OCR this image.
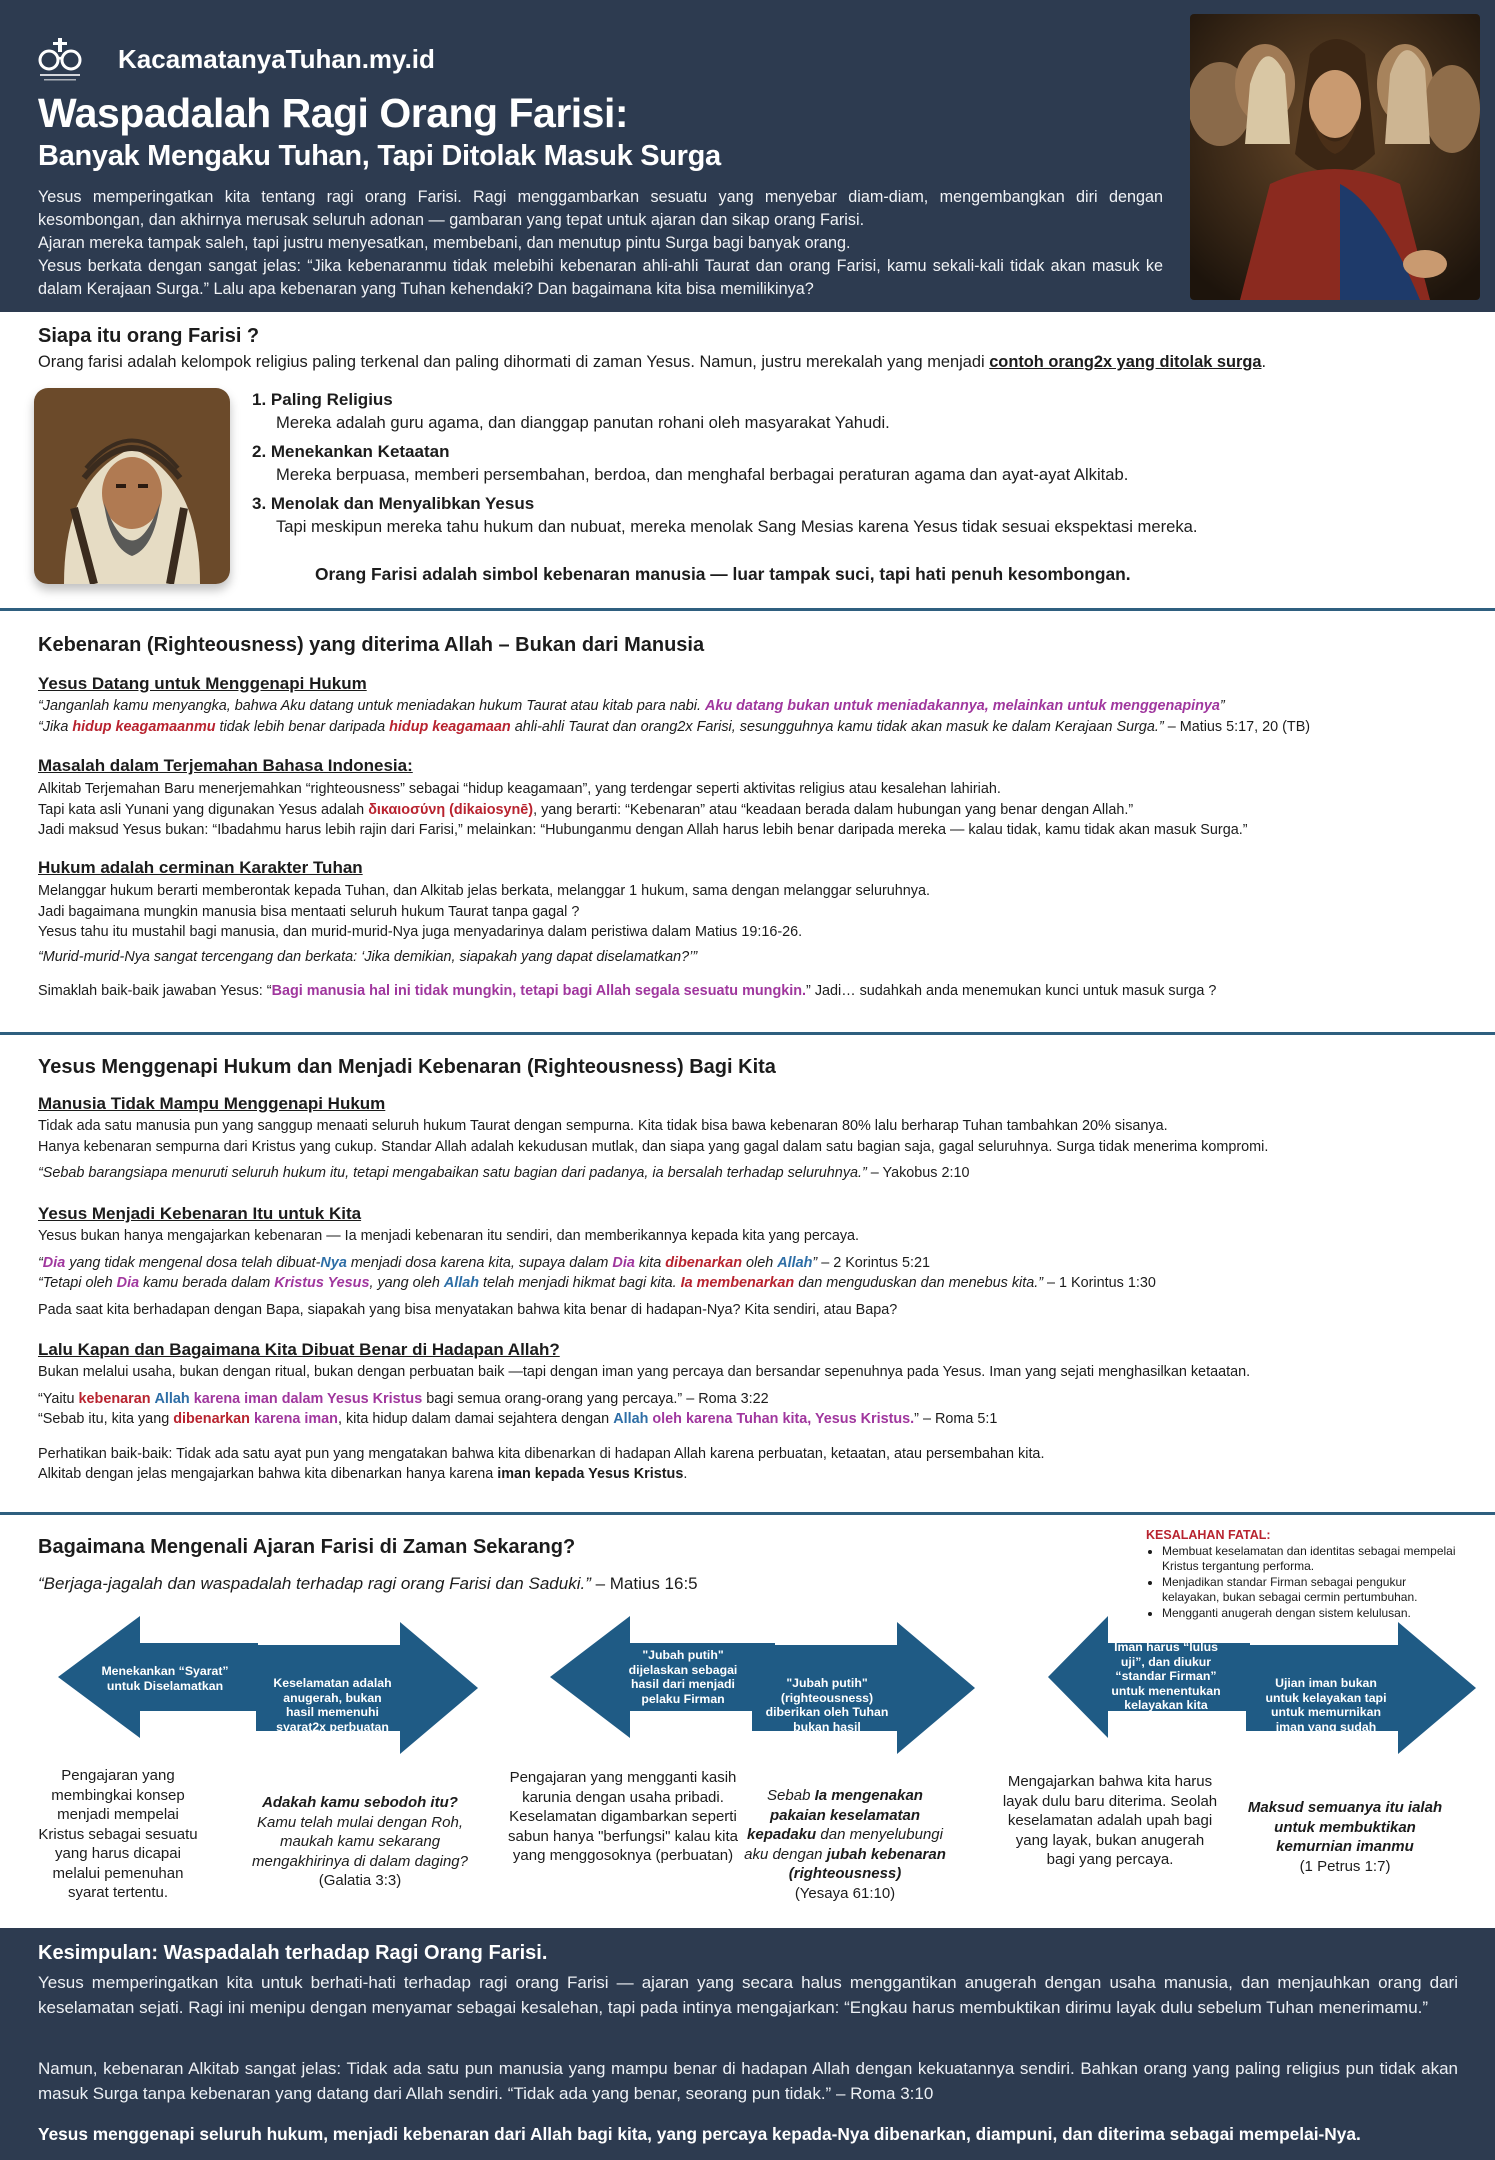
KacamatanyaTuhan.my.id
Waspadalah Ragi Orang Farisi:
Banyak Mengaku Tuhan, Tapi Ditolak Masuk Surga

Yesus memperingatkan kita tentang ragi orang Farisi. Ragi menggambarkan sesuatu yang menyebar diam-diam, mengembangkan diri dengan kesombongan, dan akhirnya merusak seluruh adonan — gambaran yang tepat untuk ajaran dan sikap orang Farisi.

Ajaran mereka tampak saleh, tapi justru menyesatkan, membebani, dan menutup pintu Surga bagi banyak orang.

Yesus berkata dengan sangat jelas: “Jika kebenaranmu tidak melebihi kebenaran ahli-ahli Taurat dan orang Farisi, kamu sekali-kali tidak akan masuk ke dalam Kerajaan Surga.” Lalu apa kebenaran yang Tuhan kehendaki? Dan bagaimana kita bisa memilikinya?

Siapa itu orang Farisi ?
Orang farisi adalah kelompok religius paling terkenal dan paling dihormati di zaman Yesus. Namun, justru merekalah yang menjadi contoh orang2x yang ditolak surga.
1. Paling Religius
Mereka adalah guru agama, dan dianggap panutan rohani oleh masyarakat Yahudi.
2. Menekankan Ketaatan
Mereka berpuasa, memberi persembahan, berdoa, dan menghafal berbagai peraturan agama dan ayat-ayat Alkitab.
3. Menolak dan Menyalibkan Yesus
Tapi meskipun mereka tahu hukum dan nubuat, mereka menolak Sang Mesias karena Yesus tidak sesuai ekspektasi mereka.
Orang Farisi adalah simbol kebenaran manusia — luar tampak suci, tapi hati penuh kesombongan.
Kebenaran (Righteousness) yang diterima Allah – Bukan dari Manusia
Yesus Datang untuk Menggenapi Hukum

“Janganlah kamu menyangka, bahwa Aku datang untuk meniadakan hukum Taurat atau kitab para nabi. Aku datang bukan untuk meniadakannya, melainkan untuk menggenapinya”

“Jika hidup keagamaanmu tidak lebih benar daripada hidup keagamaan ahli-ahli Taurat dan orang2x Farisi, sesungguhnya kamu tidak akan masuk ke dalam Kerajaan Surga.” – Matius 5:17, 20 (TB)

Masalah dalam Terjemahan Bahasa Indonesia:

Alkitab Terjemahan Baru menerjemahkan “righteousness” sebagai “hidup keagamaan”, yang terdengar seperti aktivitas religius atau kesalehan lahiriah.

Tapi kata asli Yunani yang digunakan Yesus adalah δικαιοσύνη (dikaiosynē), yang berarti: “Kebenaran” atau “keadaan berada dalam hubungan yang benar dengan Allah.”

Jadi maksud Yesus bukan: “Ibadahmu harus lebih rajin dari Farisi,” melainkan: “Hubunganmu dengan Allah harus lebih benar daripada mereka — kalau tidak, kamu tidak akan masuk Surga.”

Hukum adalah cerminan Karakter Tuhan

Melanggar hukum berarti memberontak kepada Tuhan, dan Alkitab jelas berkata, melanggar 1 hukum, sama dengan melanggar seluruhnya.

Jadi bagaimana mungkin manusia bisa mentaati seluruh hukum Taurat tanpa gagal ?

Yesus tahu itu mustahil bagi manusia, dan murid-murid-Nya juga menyadarinya dalam peristiwa dalam Matius 19:16-26.

“Murid-murid-Nya sangat tercengang dan berkata: ‘Jika demikian, siapakah yang dapat diselamatkan?’”

Simaklah baik-baik jawaban Yesus: “Bagi manusia hal ini tidak mungkin, tetapi bagi Allah segala sesuatu mungkin.” Jadi… sudahkah anda menemukan kunci untuk masuk surga ?

Yesus Menggenapi Hukum dan Menjadi Kebenaran (Righteousness) Bagi Kita
Manusia Tidak Mampu Menggenapi Hukum

Tidak ada satu manusia pun yang sanggup menaati seluruh hukum Taurat dengan sempurna. Kita tidak bisa bawa kebenaran 80% lalu berharap Tuhan tambahkan 20% sisanya.

Hanya kebenaran sempurna dari Kristus yang cukup. Standar Allah adalah kekudusan mutlak, dan siapa yang gagal dalam satu bagian saja, gagal seluruhnya. Surga tidak menerima kompromi.

“Sebab barangsiapa menuruti seluruh hukum itu, tetapi mengabaikan satu bagian dari padanya, ia bersalah terhadap seluruhnya.” – Yakobus 2:10

Yesus Menjadi Kebenaran Itu untuk Kita

Yesus bukan hanya mengajarkan kebenaran — Ia menjadi kebenaran itu sendiri, dan memberikannya kepada kita yang percaya.

“Dia yang tidak mengenal dosa telah dibuat-Nya menjadi dosa karena kita, supaya dalam Dia kita dibenarkan oleh Allah” – 2 Korintus 5:21

“Tetapi oleh Dia kamu berada dalam Kristus Yesus, yang oleh Allah telah menjadi hikmat bagi kita. Ia membenarkan dan menguduskan dan menebus kita.” – 1 Korintus 1:30

Pada saat kita berhadapan dengan Bapa, siapakah yang bisa menyatakan bahwa kita benar di hadapan-Nya? Kita sendiri, atau Bapa?

Lalu Kapan dan Bagaimana Kita Dibuat Benar di Hadapan Allah?

Bukan melalui usaha, bukan dengan ritual, bukan dengan perbuatan baik —tapi dengan iman yang percaya dan bersandar sepenuhnya pada Yesus. Iman yang sejati menghasilkan ketaatan.

“Yaitu kebenaran Allah karena iman dalam Yesus Kristus bagi semua orang-orang yang percaya.” – Roma 3:22

“Sebab itu, kita yang dibenarkan karena iman, kita hidup dalam damai sejahtera dengan Allah oleh karena Tuhan kita, Yesus Kristus.” – Roma 5:1

Perhatikan baik-baik: Tidak ada satu ayat pun yang mengatakan bahwa kita dibenarkan di hadapan Allah karena perbuatan, ketaatan, atau persembahan kita.

Alkitab dengan jelas mengajarkan bahwa kita dibenarkan hanya karena iman kepada Yesus Kristus.

Bagaimana Mengenali Ajaran Farisi di Zaman Sekarang?
“Berjaga-jagalah dan waspadalah terhadap ragi orang Farisi dan Saduki.” – Matius 16:5
KESALAHAN FATAL:
• Membuat keselamatan dan identitas sebagai mempelai Kristus tergantung performa.
• Menjadikan standar Firman sebagai pengukur kelayakan, bukan sebagai cermin pertumbuhan.
• Mengganti anugerah dengan sistem kelulusan.
Menekankan “Syarat” untuk Diselamatkan	Keselamatan adalah anugerah, bukan hasil memenuhi syarat2x perbuatan
"Jubah putih" dijelaskan sebagai hasil dari menjadi pelaku Firman
"Jubah putih" (righteousness) diberikan oleh Tuhan bukan hasil perbuatan manusia
Iman harus “lulus uji”, dan diukur “standar Firman” untuk menentukan kelayakan kita
Ujian iman bukan untuk kelayakan tapi untuk memurnikan iman yang sudah menyelamatkan
Pengajaran yang membingkai konsep menjadi mempelai Kristus sebagai sesuatu yang harus dicapai melalui pemenuhan syarat tertentu.
Adakah kamu sebodoh itu?
Kamu telah mulai dengan Roh, maukah kamu sekarang mengakhirinya di dalam daging?
(Galatia 3:3)
Pengajaran yang mengganti kasih karunia dengan usaha pribadi. Keselamatan digambarkan seperti sabun hanya "berfungsi" kalau kita yang menggosoknya (perbuatan)
Sebab Ia mengenakan pakaian keselamatan kepadaku dan menyelubungi aku dengan jubah kebenaran (righteousness)
(Yesaya 61:10)
Mengajarkan bahwa kita harus layak dulu baru diterima. Seolah keselamatan adalah upah bagi yang layak, bukan anugerah bagi yang percaya.
Maksud semuanya itu ialah untuk membuktikan kemurnian imanmu
(1 Petrus 1:7)
Kesimpulan: Waspadalah terhadap Ragi Orang Farisi.
Yesus memperingatkan kita untuk berhati-hati terhadap ragi orang Farisi — ajaran yang secara halus menggantikan anugerah dengan usaha manusia, dan menjauhkan orang dari keselamatan sejati. Ragi ini menipu dengan menyamar sebagai kesalehan, tapi pada intinya mengajarkan: “Engkau harus membuktikan dirimu layak dulu sebelum Tuhan menerimamu.”
Namun, kebenaran Alkitab sangat jelas: Tidak ada satu pun manusia yang mampu benar di hadapan Allah dengan kekuatannya sendiri. Bahkan orang yang paling religius pun tidak akan masuk Surga tanpa kebenaran yang datang dari Allah sendiri. “Tidak ada yang benar, seorang pun tidak.” – Roma 3:10
Yesus menggenapi seluruh hukum, menjadi kebenaran dari Allah bagi kita, yang percaya kepada-Nya dibenarkan, diampuni, dan diterima sebagai mempelai-Nya.
